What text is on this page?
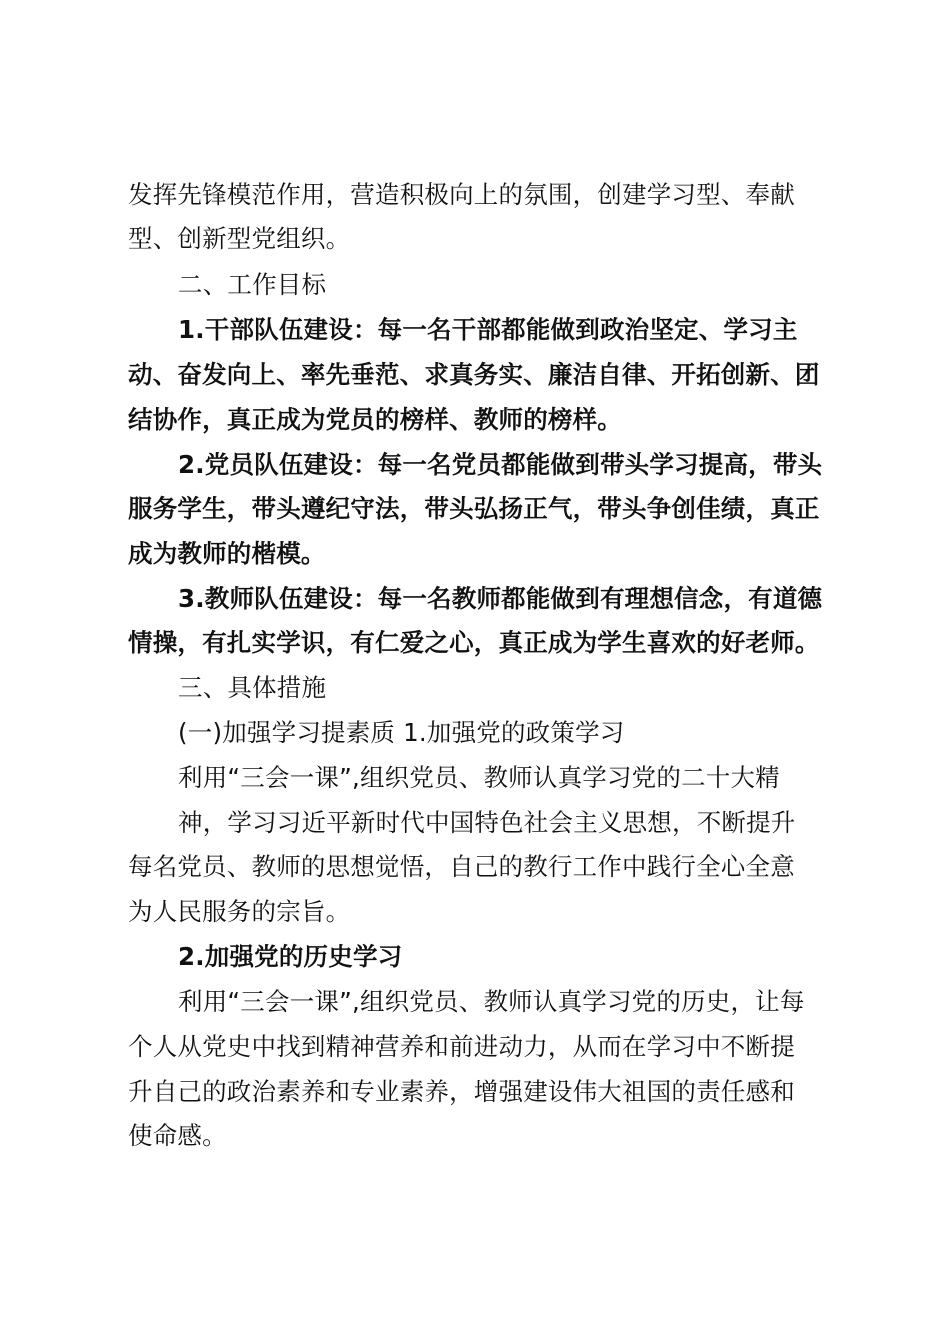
发挥先锋模范作用，营造积极向上的氛围，创建学习型、奉献
型、创新型党组织。
二、工作目标
1.干部队伍建设：每一名干部都能做到政治坚定、学习主
动、奋发向上、率先垂范、求真务实、廉洁自律、开拓创新、团
结协作，真正成为党员的榜样、教师的榜样。
2.党员队伍建设：每一名党员都能做到带头学习提高，带头
服务学生，带头遵纪守法，带头弘扬正气，带头争创佳绩，真正
成为教师的楷模。
3.教师队伍建设：每一名教师都能做到有理想信念，有道德
情操，有扎实学识，有仁爱之心，真正成为学生喜欢的好老师。
三、具体措施
(一)加强学习提素质 1.加强党的政策学习
利用“三会一课”,组织党员、教师认真学习党的二十大精
神，学习习近平新时代中国特色社会主义思想，不断提升
每名党员、教师的思想觉悟，自己的教行工作中践行全心全意
为人民服务的宗旨。
2.加强党的历史学习
利用“三会一课”,组织党员、教师认真学习党的历史，让每
个人从党史中找到精神营养和前进动力，从而在学习中不断提
升自己的政治素养和专业素养，增强建设伟大祖国的责任感和
使命感。
